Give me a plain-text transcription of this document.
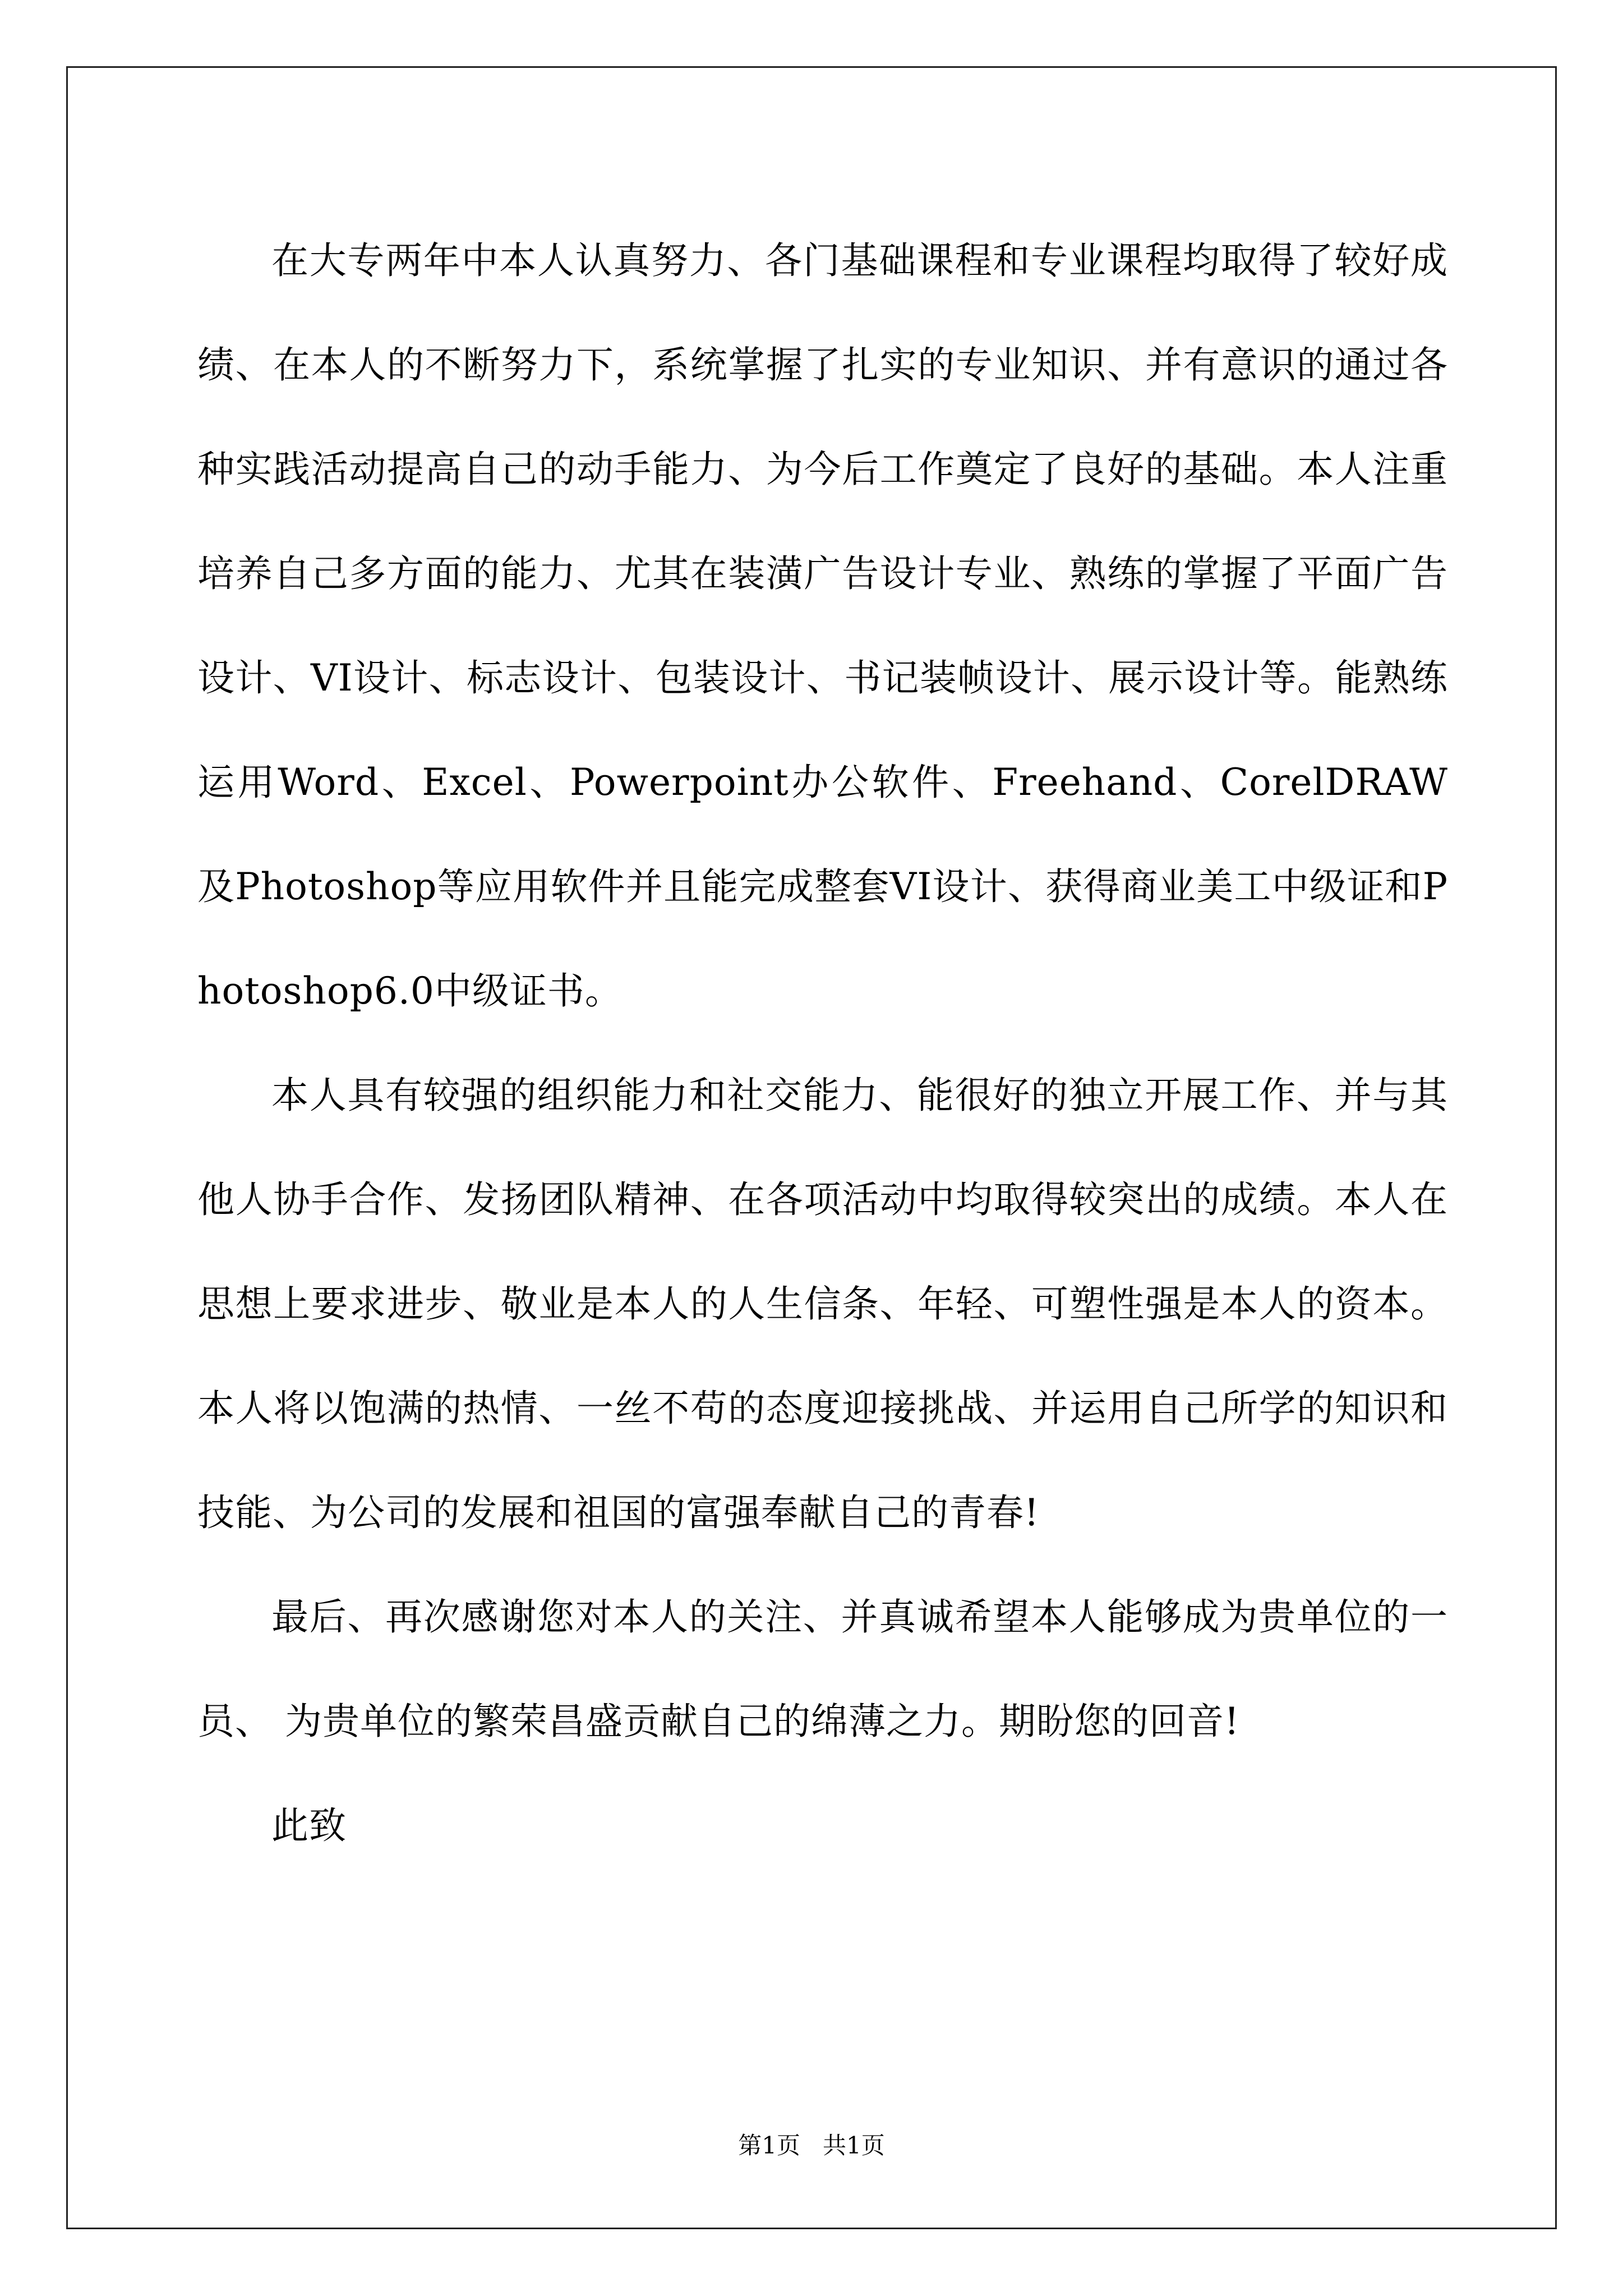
在大专两年中本人认真努力、各门基础课程和专业课程均取得了较好成绩、在本人的不断努力下，系统掌握了扎实的专业知识、并有意识的通过各种实践活动提高自己的动手能力、为今后工作奠定了良好的基础。本人注重培养自己多方面的能力、尤其在装潢广告设计专业、熟练的掌握了平面广告设计、VI设计、标志设计、包装设计、书记装帧设计、展示设计等。能熟练运用Word、Excel、Powerpoint办公软件、Freehand、CorelDRAW及Photoshop等应用软件并且能完成整套VI设计、获得商业美工中级证和Photoshop6.0中级证书。

本人具有较强的组织能力和社交能力、能很好的独立开展工作、并与其他人协手合作、发扬团队精神、在各项活动中均取得较突出的成绩。本人在思想上要求进步、敬业是本人的人生信条、年轻、可塑性强是本人的资本。本人将以饱满的热情、一丝不苟的态度迎接挑战、并运用自己所学的知识和技能、为公司的发展和祖国的富强奉献自己的青春!

最后、再次感谢您对本人的关注、并真诚希望本人能够成为贵单位的一员、 为贵单位的繁荣昌盛贡献自己的绵薄之力。期盼您的回音!

此致

第1页 共1页
